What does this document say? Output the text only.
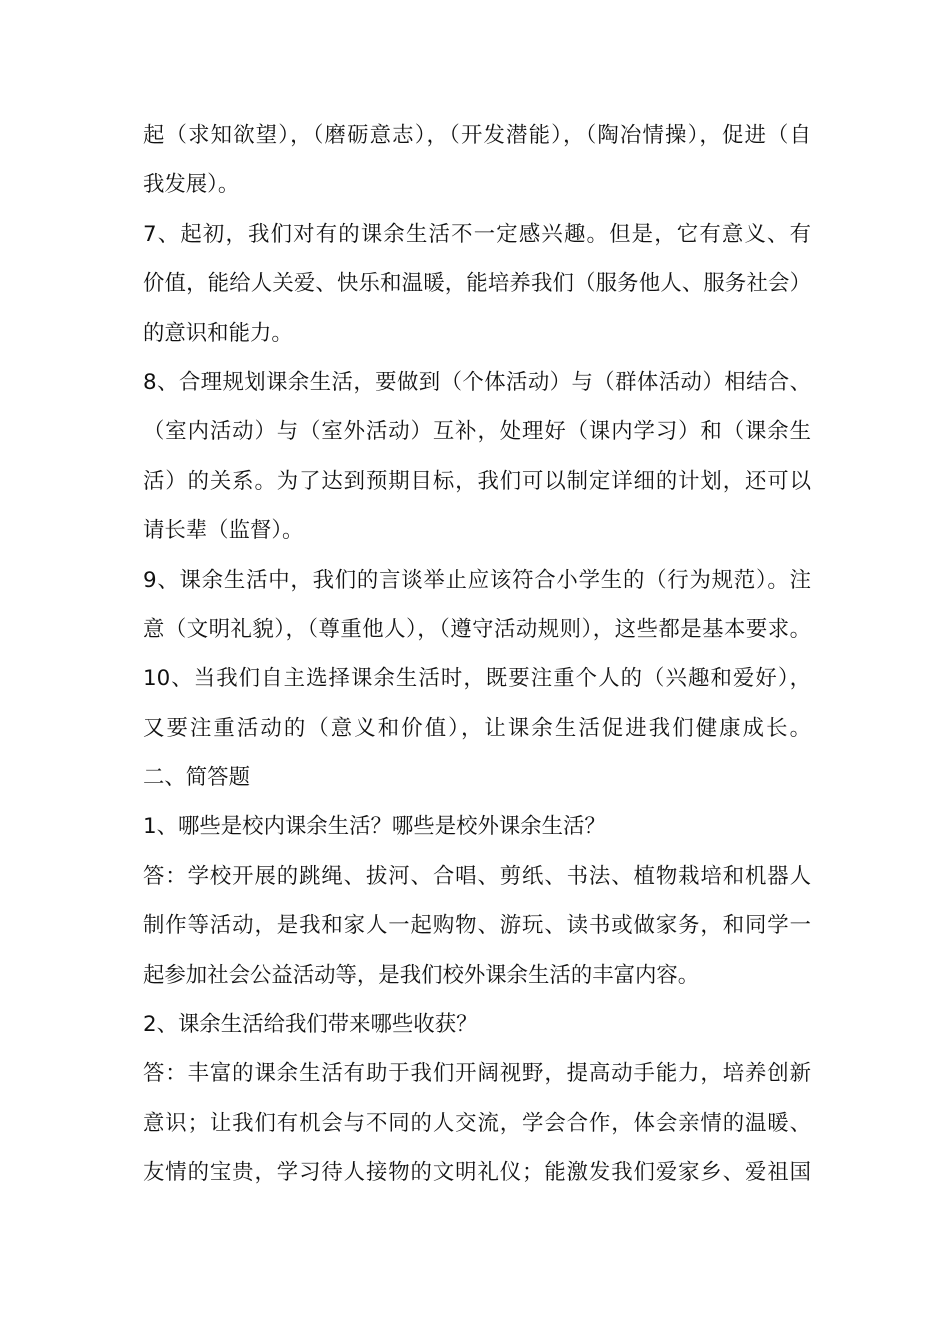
起（求知欲望），（磨砺意志），（开发潜能），（陶冶情操），促进（自
我发展）。
7、起初，我们对有的课余生活不一定感兴趣。但是，它有意义、有
价值，能给人关爱、快乐和温暖，能培养我们（服务他人、服务社会）
的意识和能力。
8、合理规划课余生活，要做到（个体活动）与（群体活动）相结合、
（室内活动）与（室外活动）互补，处理好（课内学习）和（课余生
活）的关系。为了达到预期目标，我们可以制定详细的计划，还可以
请长辈（监督）。
9、课余生活中，我们的言谈举止应该符合小学生的（行为规范）。注
意（文明礼貌），（尊重他人），（遵守活动规则），这些都是基本要求。
10、当我们自主选择课余生活时，既要注重个人的（兴趣和爱好），
又要注重活动的（意义和价值），让课余生活促进我们健康成长。
二、简答题
1、哪些是校内课余生活？哪些是校外课余生活？
答：学校开展的跳绳、拔河、合唱、剪纸、书法、植物栽培和机器人
制作等活动，是我和家人一起购物、游玩、读书或做家务，和同学一
起参加社会公益活动等，是我们校外课余生活的丰富内容。
2、课余生活给我们带来哪些收获？
答：丰富的课余生活有助于我们开阔视野，提高动手能力，培养创新
意识；让我们有机会与不同的人交流，学会合作，体会亲情的温暖、
友情的宝贵，学习待人接物的文明礼仪；能激发我们爱家乡、爱祖国
